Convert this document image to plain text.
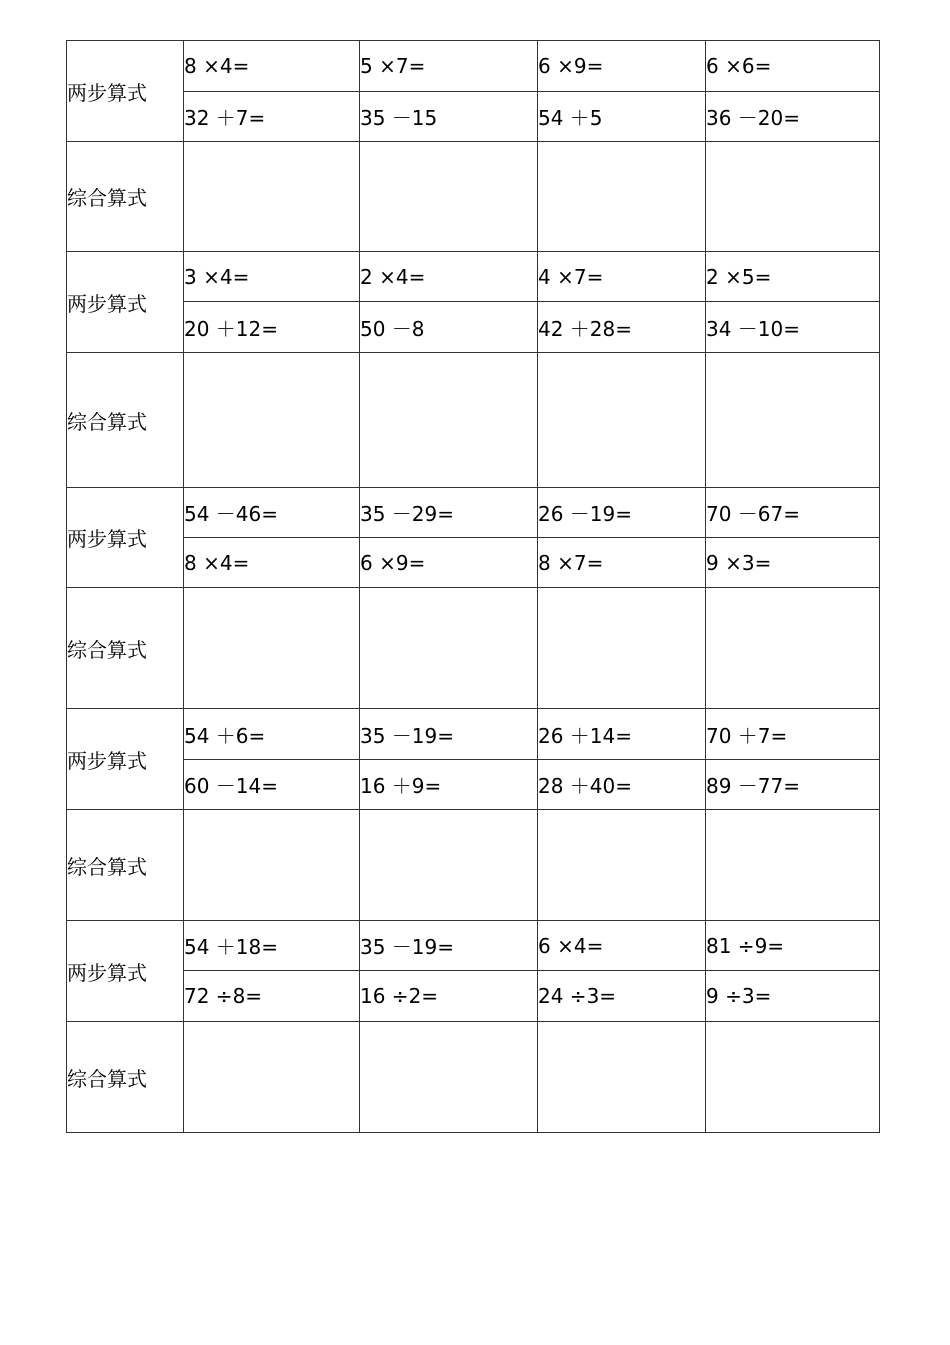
两步算式	8 ×4=	5 ×7=	6 ×9=	6 ×6=
	32 ＋7=	35 －15	54 ＋5	36 －20=
综合算式				
两步算式	3 ×4=	2 ×4=	4 ×7=	2 ×5=
	20 ＋12=	50 －8	42 ＋28=	34 －10=
综合算式				
两步算式	54 －46=	35 －29=	26 －19=	70 －67=
	8 ×4=	6 ×9=	8 ×7=	9 ×3=
综合算式				
两步算式	54 ＋6=	35 －19=	26 ＋14=	70 ＋7=
	60 －14=	16 ＋9=	28 ＋40=	89 －77=
综合算式				
两步算式	54 ＋18=	35 －19=	6 ×4=	81 ÷9=
	72 ÷8=	16 ÷2=	24 ÷3=	9 ÷3=
综合算式				
